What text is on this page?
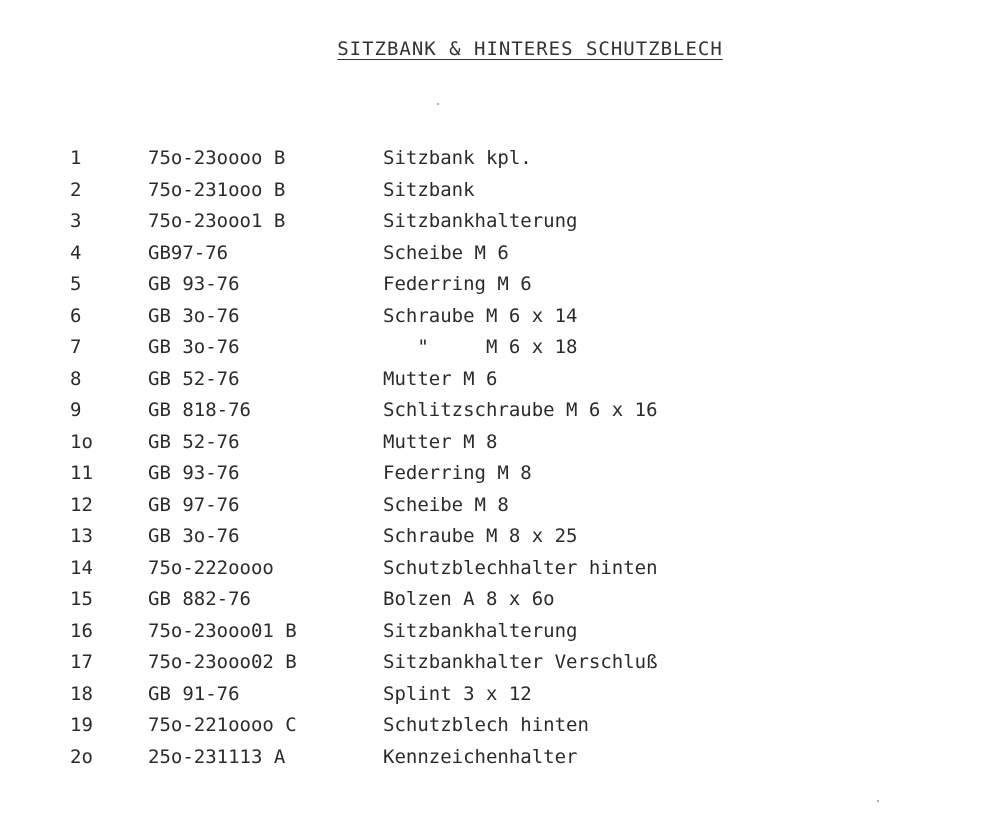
SITZBANK & HINTERES SCHUTZBLECH
1	75o-23oooo B	Sitzbank kpl.
2	75o-231ooo B	Sitzbank
3	75o-23ooo1 B	Sitzbankhalterung
4	GB97-76	Scheibe M 6
5	GB 93-76	Federring M 6
6	GB 3o-76	Schraube M 6 x 14
7	GB 3o-76	"     M 6 x 18
8	GB 52-76	Mutter M 6
9	GB 818-76	Schlitzschraube M 6 x 16
1o	GB 52-76	Mutter M 8
11	GB 93-76	Federring M 8
12	GB 97-76	Scheibe M 8
13	GB 3o-76	Schraube M 8 x 25
14	75o-222oooo	Schutzblechhalter hinten
15	GB 882-76	Bolzen A 8 x 6o
16	75o-23ooo01 B	Sitzbankhalterung
17	75o-23ooo02 B	Sitzbankhalter Verschluß
18	GB 91-76	Splint 3 x 12
19	75o-221oooo C	Schutzblech hinten
2o	25o-231113 A	Kennzeichenhalter
